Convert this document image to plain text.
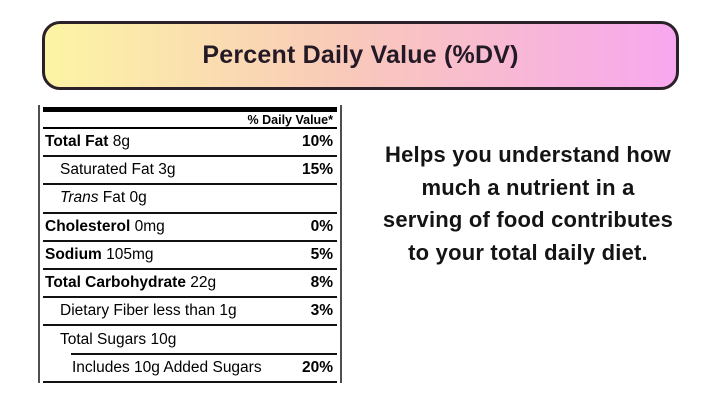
Percent Daily Value (%DV)
% Daily Value*
Total Fat 8g	10%
Saturated Fat 3g	15%
Trans Fat 0g
Cholesterol 0mg	0%
Sodium 105mg	5%
Total Carbohydrate 22g	8%
Dietary Fiber less than 1g	3%
Total Sugars 10g
Includes 10g Added Sugars	20%
Helps you understand how
much a nutrient in a
serving of food contributes
to your total daily diet.
